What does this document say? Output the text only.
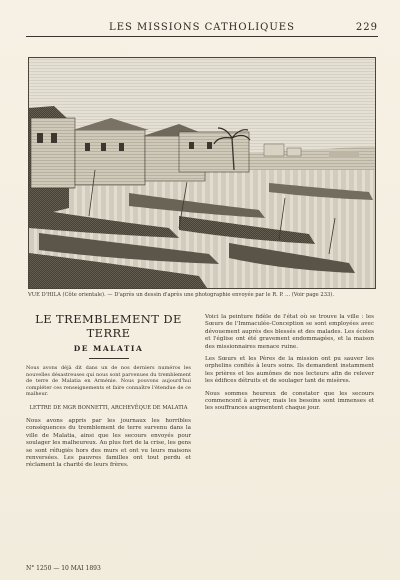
LES MISSIONS CATHOLIQUES	229
VUE D'HILA (Côte orientale). — D'après un dessin d'après une photographie envoyée par le R. P. ... (Voir page 233).
LE TREMBLEMENT DE TERRE
DE MALATIA

Nous avons déjà dit dans un de nos derniers numéros les nouvelles désastreuses qui nous sont parvenues du tremblement de terre de Malatia en Arménie. Nous pouvons aujourd'hui compléter ces renseignements et faire connaître l'étendue de ce malheur.

LETTRE DE MGR BONNETTI, ARCHEVÊQUE DE MALATIA

Nous avons appris par les journaux les horribles conséquences du tremblement de terre survenu dans la ville de Malatia, ainsi que les secours envoyés pour soulager les malheureux. Au plus fort de la crise, les gens se sont réfugiés hors des murs et ont vu leurs maisons renversées. Les pauvres familles ont tout perdu et réclament la charité de leurs frères.

Voici la peinture fidèle de l'état où se trouve la ville : les Sœurs de l'Immaculée-Conception se sont employées avec dévouement auprès des blessés et des malades. Les écoles et l'église ont été gravement endommagées, et la maison des missionnaires menace ruine.

Les Sœurs et les Pères de la mission ont pu sauver les orphelins confiés à leurs soins. Ils demandent instamment les prières et les aumônes de nos lecteurs afin de relever les édifices détruits et de soulager tant de misères.

Nous sommes heureux de constater que les secours commencent à arriver, mais les besoins sont immenses et les souffrances augmentent chaque jour.

N° 1250 — 10 MAI 1893
